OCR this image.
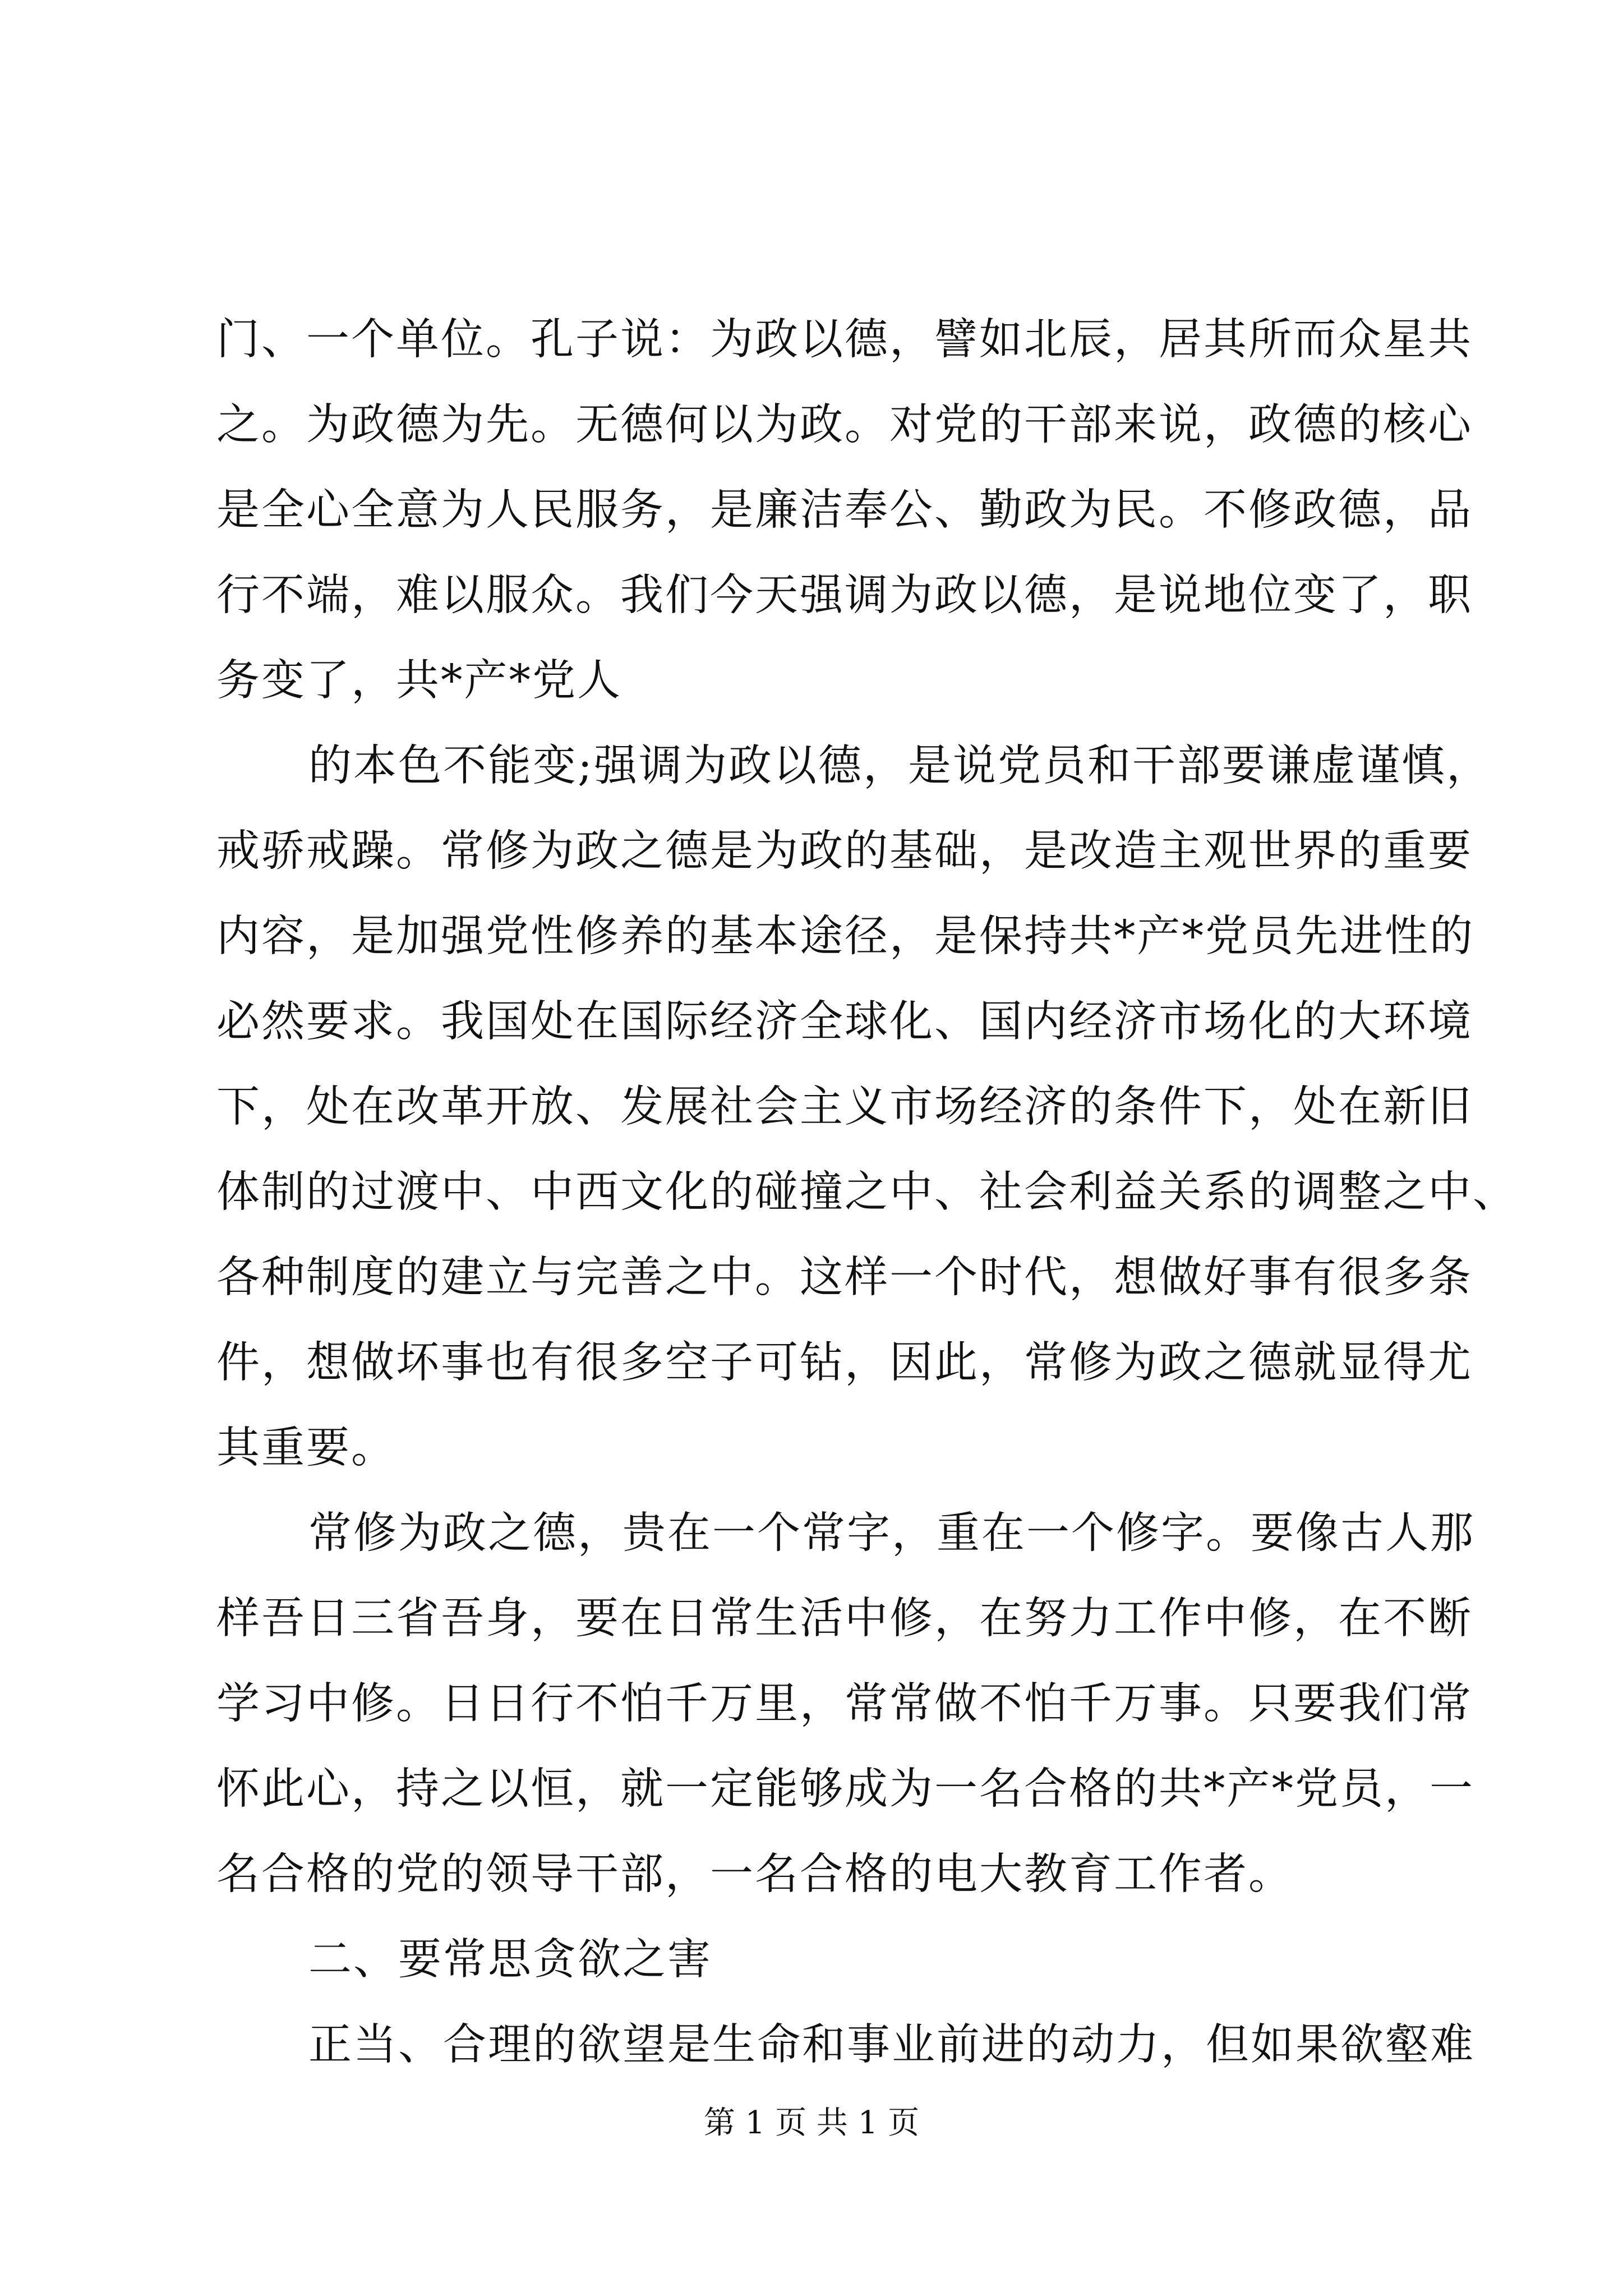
门、一个单位。孔子说：为政以德，譬如北辰，居其所而众星共
之。为政德为先。无德何以为政。对党的干部来说，政德的核心
是全心全意为人民服务，是廉洁奉公、勤政为民。不修政德，品
行不端，难以服众。我们今天强调为政以德，是说地位变了，职
务变了，共*产*党人
的本色不能变;强调为政以德，是说党员和干部要谦虚谨慎，
戒骄戒躁。常修为政之德是为政的基础，是改造主观世界的重要
内容，是加强党性修养的基本途径，是保持共*产*党员先进性的
必然要求。我国处在国际经济全球化、国内经济市场化的大环境
下，处在改革开放、发展社会主义市场经济的条件下，处在新旧
体制的过渡中、中西文化的碰撞之中、社会利益关系的调整之中、
各种制度的建立与完善之中。这样一个时代，想做好事有很多条
件，想做坏事也有很多空子可钻，因此，常修为政之德就显得尤
其重要。
常修为政之德，贵在一个常字，重在一个修字。要像古人那
样吾日三省吾身，要在日常生活中修，在努力工作中修，在不断
学习中修。日日行不怕千万里，常常做不怕千万事。只要我们常
怀此心，持之以恒，就一定能够成为一名合格的共*产*党员，一
名合格的党的领导干部，一名合格的电大教育工作者。
二、要常思贪欲之害
正当、合理的欲望是生命和事业前进的动力，但如果欲壑难
第 1 页 共 1 页
